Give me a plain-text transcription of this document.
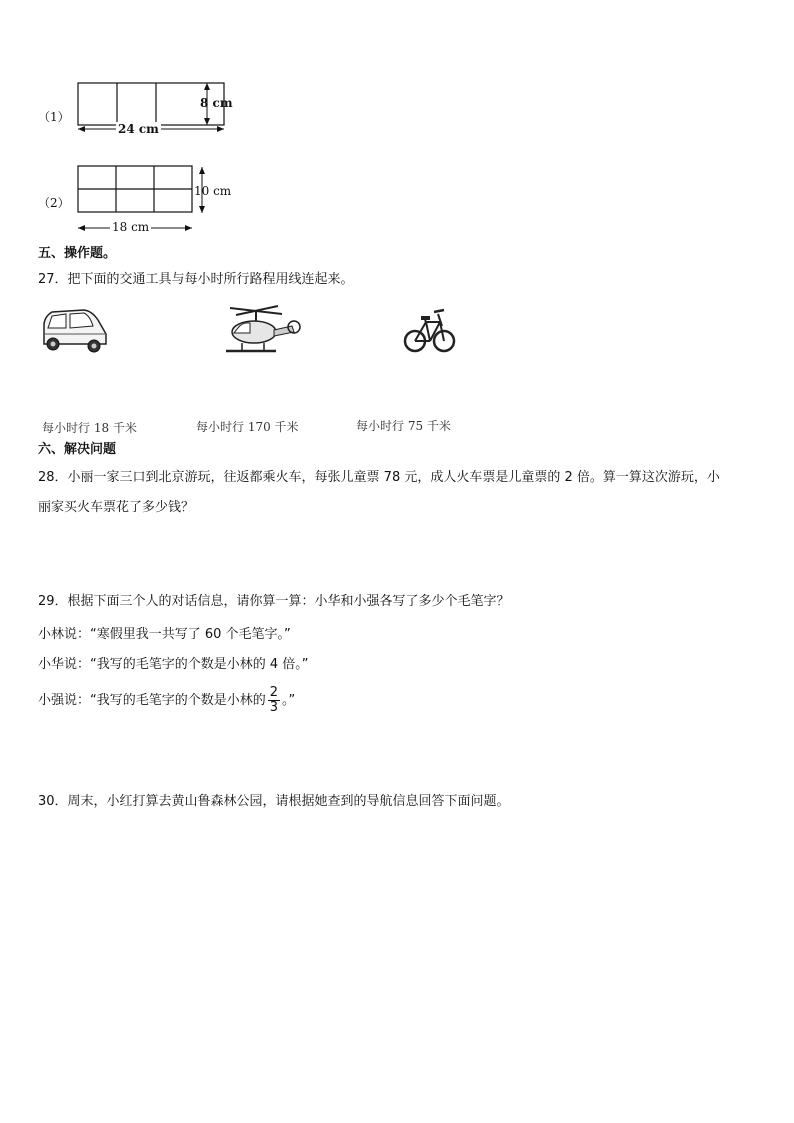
（1）
24 cm
8 cm
（2）
18 cm
10 cm
五、操作题。
27．把下面的交通工具与每小时所行路程用线连起来。
每小时行 18 千米	每小时行 170 千米	每小时行 75 千米
六、解决问题
28．小丽一家三口到北京游玩，往返都乘火车，每张儿童票 78 元，成人火车票是儿童票的 2 倍。算一算这次游玩，小
丽家买火车票花了多少钱？
29．根据下面三个人的对话信息，请你算一算：小华和小强各写了多少个毛笔字？
小林说：“寒假里我一共写了 60 个毛笔字。”
小华说：“我写的毛笔字的个数是小林的 4 倍。”
小强说：“我写的毛笔字的个数是小林的 $\frac{2}{3}$ 。”
30．周末，小红打算去黄山鲁森林公园，请根据她查到的导航信息回答下面问题。
